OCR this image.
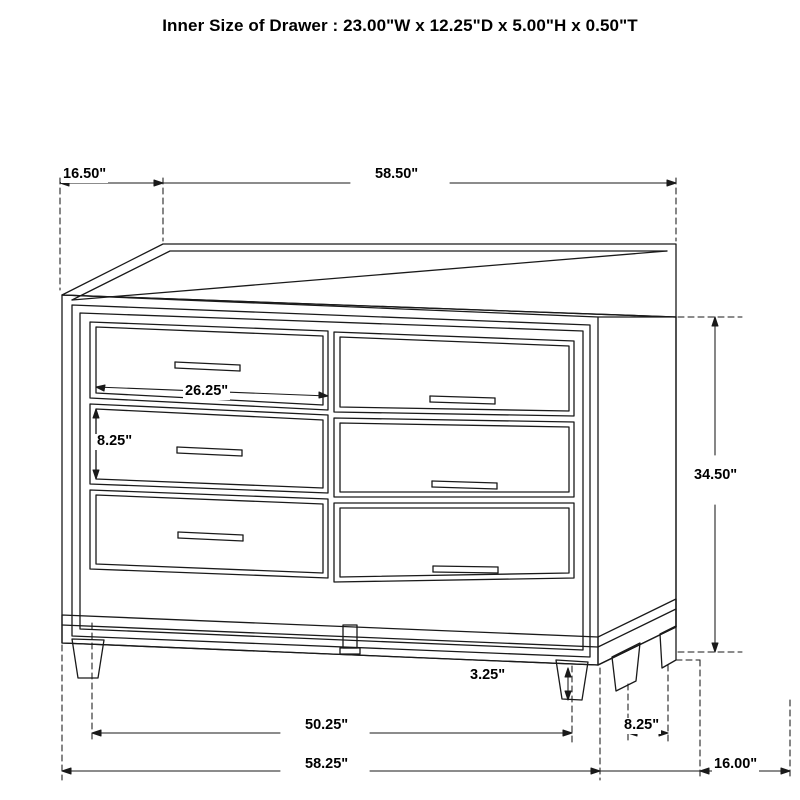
Inner Size of Drawer : 23.00"W x 12.25"D x 5.00"H x 0.50"T
16.50"	58.50"
26.25"
8.25"
34.50"
3.25"
50.25"
58.25"
8.25"
16.00"
